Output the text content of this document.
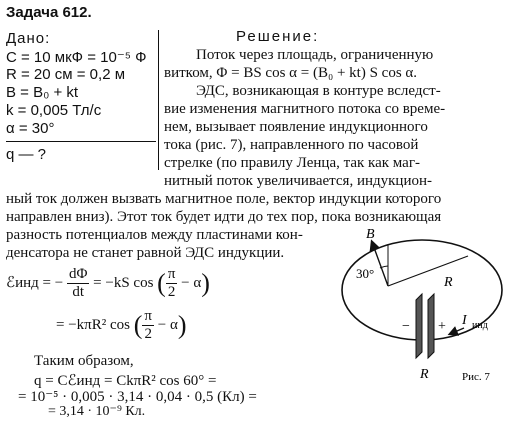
Задача 612.
Дано:
C = 10 мкФ = 10⁻⁵ Ф
R = 20 см = 0,2 м
B = B₀ + kt
k = 0,005 Тл/с
α = 30°
q — ?
Решение:
Поток через площадь, ограниченную
витком, Φ = BS cos α = (B₀ + kt) S cos α.
ЭДС, возникающая в контуре вследст-
вие изменения магнитного потока со време-
нем, вызывает появление индукционного
тока (рис. 7), направленного по часовой
стрелке (по правилу Ленца, так как маг-
нитный поток увеличивается, индукцион-
ный ток должен вызвать магнитное поле, вектор индукции которого
направлен вниз). Этот ток будет идти до тех пор, пока возникающая
разность потенциалов между пластинами кон-
денсатора не станет равной ЭДС индукции.
ℰинд = − $\frac{d\Phi}{dt} = -kS$ cos ( $\frac{\pi}{2} - \alpha$)
= −kπR² cos ( $\frac{\pi}{2} - \alpha$)
Таким образом,
q = Cℰинд = CkπR² cos 60° =
= 10⁻⁵ · 0,005 · 3,14 · 0,04 · 0,5 (Кл) =
= 3,14 · 10⁻⁹ Кл.
B
30°
R
− +
R
I инд
Рис. 7
